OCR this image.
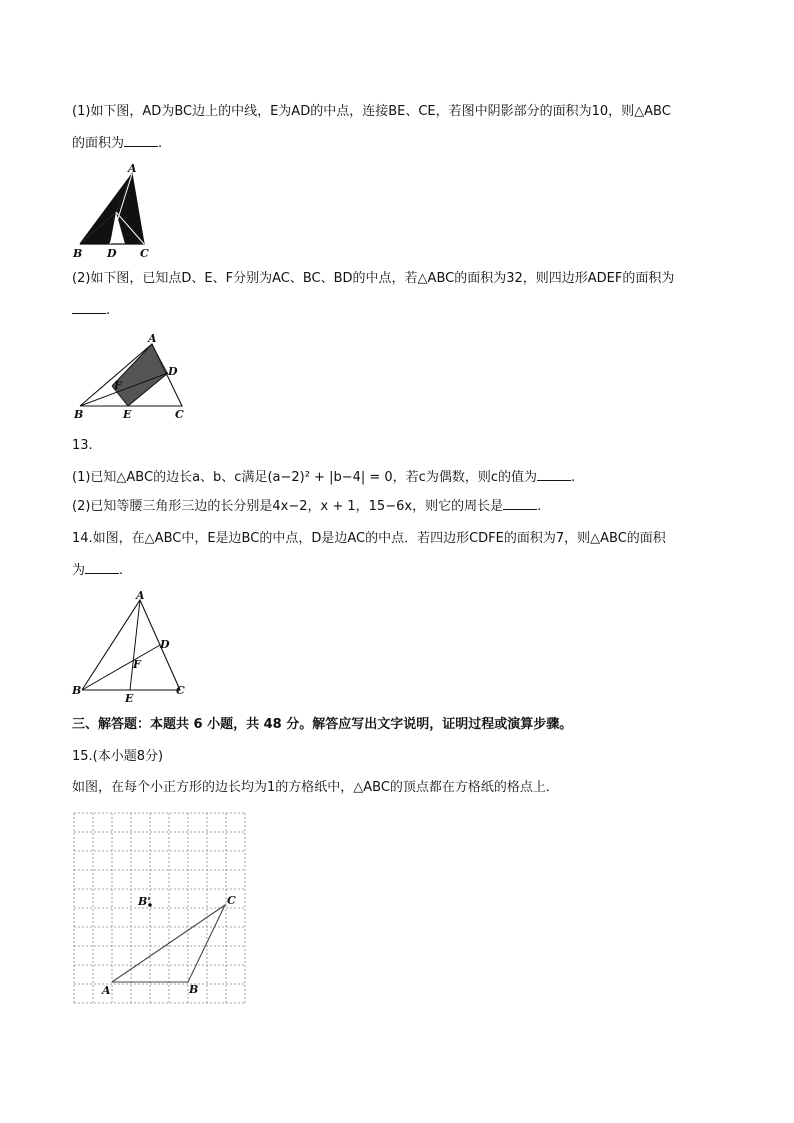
(1)如下图，AD为BC边上的中线，E为AD的中点，连接BE、CE，若图中阴影部分的面积为10，则△ABC
的面积为	.
A
E
B D C
(2)如下图，已知点D、E、F分别为AC、BC、BD的中点，若△ABC的面积为32，则四边形ADEF的面积为
.
A
D
F
B	E	C
13.
(1)已知△ABC的边长a、b、c满足(a−2)² + |b−4| = 0，若c为偶数，则c的值为	.
(2)已知等腰三角形三边的长分别是4x−2，x + 1，15−6x，则它的周长是	.
14.如图，在△ABC中，E是边BC的中点，D是边AC的中点．若四边形CDFE的面积为7，则△ABC的面积
为	.
A
D
F
B
E
C
三、解答题：本题共 6 小题，共 48 分。解答应写出文字说明，证明过程或演算步骤。
15.(本小题8分)
如图，在每个小正方形的边长均为1的方格纸中，△ABC的顶点都在方格纸的格点上．
A	B
C
B'
